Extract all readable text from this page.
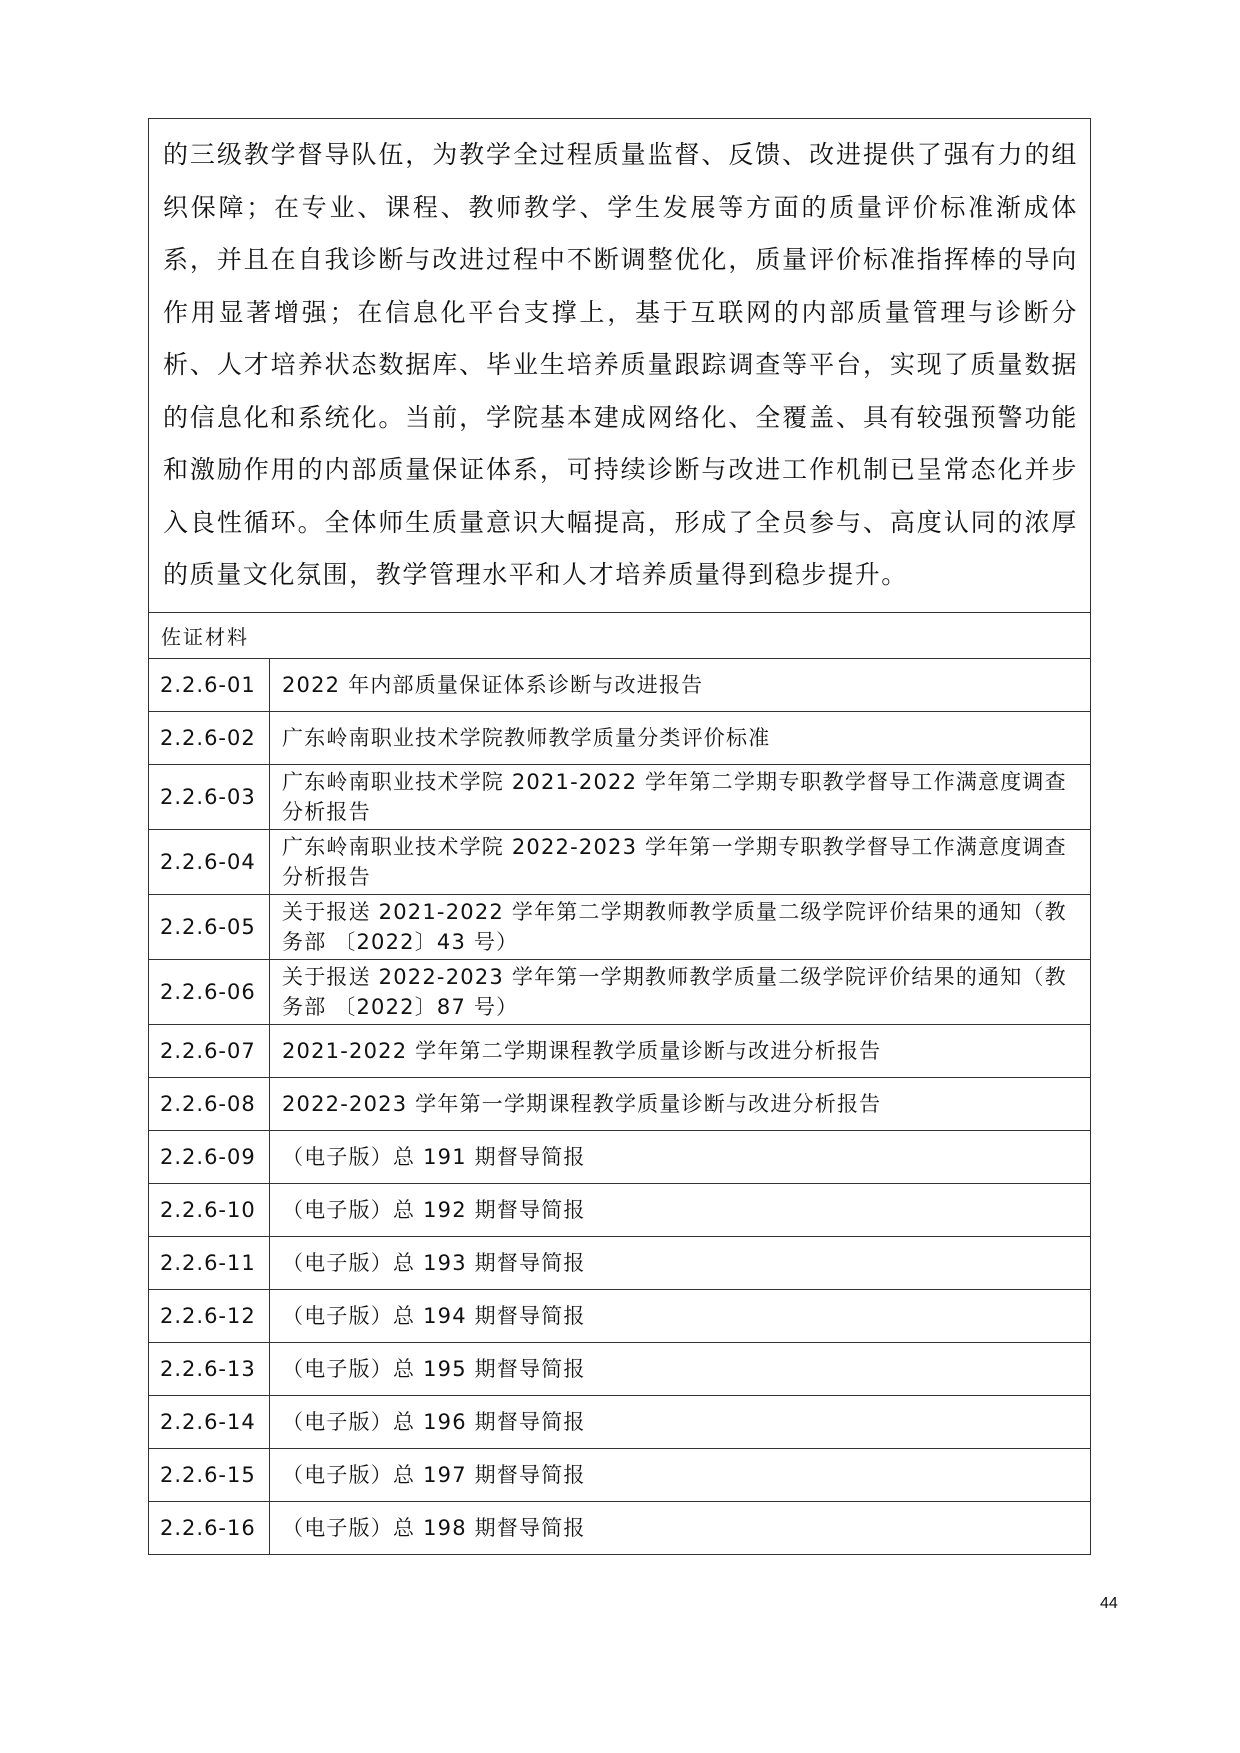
的三级教学督导队伍，为教学全过程质量监督、反馈、改进提供了强有力的组织保障；在专业、课程、教师教学、学生发展等方面的质量评价标准渐成体系，并且在自我诊断与改进过程中不断调整优化，质量评价标准指挥棒的导向作用显著增强；在信息化平台支撑上，基于互联网的内部质量管理与诊断分析、人才培养状态数据库、毕业生培养质量跟踪调查等平台，实现了质量数据的信息化和系统化。当前，学院基本建成网络化、全覆盖、具有较强预警功能和激励作用的内部质量保证体系，可持续诊断与改进工作机制已呈常态化并步入良性循环。全体师生质量意识大幅提高，形成了全员参与、高度认同的浓厚的质量文化氛围，教学管理水平和人才培养质量得到稳步提升。	

佐证材料	
2.2.6-01	2022 年内部质量保证体系诊断与改进报告
2.2.6-02	广东岭南职业技术学院教师教学质量分类评价标准
2.2.6-03	广东岭南职业技术学院 2021-2022 学年第二学期专职教学督导工作满意度调查分析报告
2.2.6-04	广东岭南职业技术学院 2022-2023 学年第一学期专职教学督导工作满意度调查分析报告
2.2.6-05	关于报送 2021-2022 学年第二学期教师教学质量二级学院评价结果的通知（教务部 〔2022〕43 号）
2.2.6-06	关于报送 2022-2023 学年第一学期教师教学质量二级学院评价结果的通知（教务部 〔2022〕87 号）
2.2.6-07	2021-2022 学年第二学期课程教学质量诊断与改进分析报告
2.2.6-08	2022-2023 学年第一学期课程教学质量诊断与改进分析报告
2.2.6-09	（电子版）总 191 期督导简报
2.2.6-10	（电子版）总 192 期督导简报
2.2.6-11	（电子版）总 193 期督导简报
2.2.6-12	（电子版）总 194 期督导简报
2.2.6-13	（电子版）总 195 期督导简报
2.2.6-14	（电子版）总 196 期督导简报
2.2.6-15	（电子版）总 197 期督导简报
2.2.6-16	（电子版）总 198 期督导简报
44
